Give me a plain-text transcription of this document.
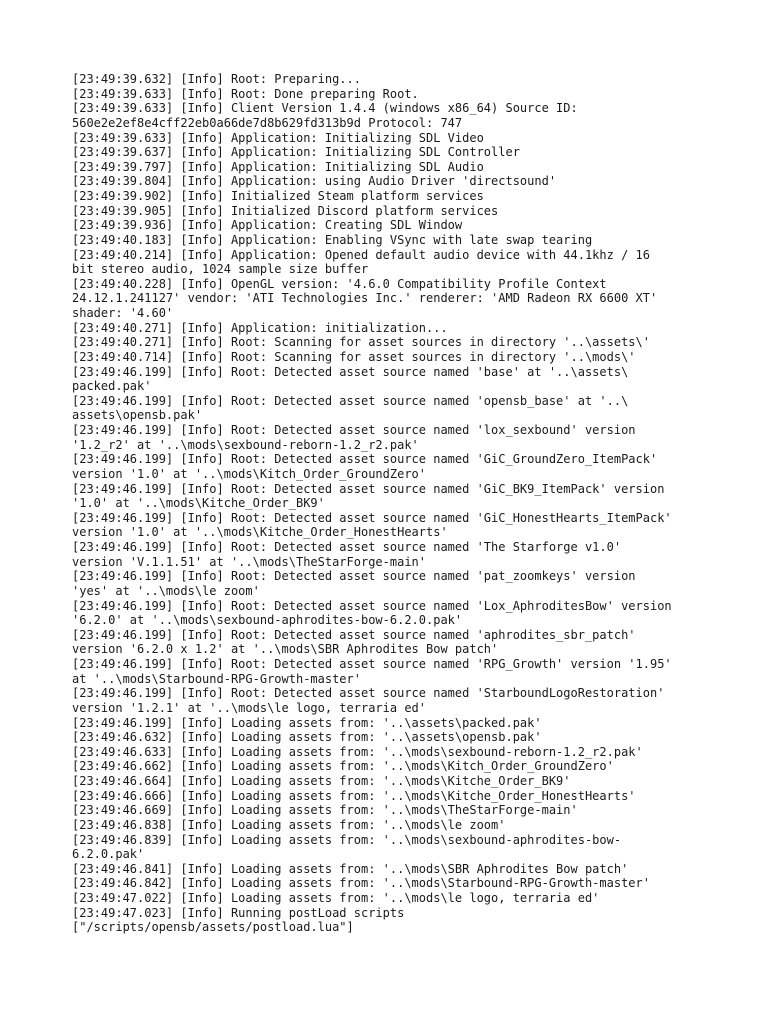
[23:49:39.632] [Info] Root: Preparing...
[23:49:39.633] [Info] Root: Done preparing Root.
[23:49:39.633] [Info] Client Version 1.4.4 (windows x86_64) Source ID:
560e2e2ef8e4cff22eb0a66de7d8b629fd313b9d Protocol: 747
[23:49:39.633] [Info] Application: Initializing SDL Video
[23:49:39.637] [Info] Application: Initializing SDL Controller
[23:49:39.797] [Info] Application: Initializing SDL Audio
[23:49:39.804] [Info] Application: using Audio Driver 'directsound'
[23:49:39.902] [Info] Initialized Steam platform services
[23:49:39.905] [Info] Initialized Discord platform services
[23:49:39.936] [Info] Application: Creating SDL Window
[23:49:40.183] [Info] Application: Enabling VSync with late swap tearing
[23:49:40.214] [Info] Application: Opened default audio device with 44.1khz / 16
bit stereo audio, 1024 sample size buffer
[23:49:40.228] [Info] OpenGL version: '4.6.0 Compatibility Profile Context
24.12.1.241127' vendor: 'ATI Technologies Inc.' renderer: 'AMD Radeon RX 6600 XT'
shader: '4.60'
[23:49:40.271] [Info] Application: initialization...
[23:49:40.271] [Info] Root: Scanning for asset sources in directory '..\assets\'
[23:49:40.714] [Info] Root: Scanning for asset sources in directory '..\mods\'
[23:49:46.199] [Info] Root: Detected asset source named 'base' at '..\assets\
packed.pak'
[23:49:46.199] [Info] Root: Detected asset source named 'opensb_base' at '..\
assets\opensb.pak'
[23:49:46.199] [Info] Root: Detected asset source named 'lox_sexbound' version
'1.2_r2' at '..\mods\sexbound-reborn-1.2_r2.pak'
[23:49:46.199] [Info] Root: Detected asset source named 'GiC_GroundZero_ItemPack'
version '1.0' at '..\mods\Kitch_Order_GroundZero'
[23:49:46.199] [Info] Root: Detected asset source named 'GiC_BK9_ItemPack' version
'1.0' at '..\mods\Kitche_Order_BK9'
[23:49:46.199] [Info] Root: Detected asset source named 'GiC_HonestHearts_ItemPack'
version '1.0' at '..\mods\Kitche_Order_HonestHearts'
[23:49:46.199] [Info] Root: Detected asset source named 'The Starforge v1.0'
version 'V.1.1.51' at '..\mods\TheStarForge-main'
[23:49:46.199] [Info] Root: Detected asset source named 'pat_zoomkeys' version
'yes' at '..\mods\le zoom'
[23:49:46.199] [Info] Root: Detected asset source named 'Lox_AphroditesBow' version
'6.2.0' at '..\mods\sexbound-aphrodites-bow-6.2.0.pak'
[23:49:46.199] [Info] Root: Detected asset source named 'aphrodites_sbr_patch'
version '6.2.0 x 1.2' at '..\mods\SBR Aphrodites Bow patch'
[23:49:46.199] [Info] Root: Detected asset source named 'RPG_Growth' version '1.95'
at '..\mods\Starbound-RPG-Growth-master'
[23:49:46.199] [Info] Root: Detected asset source named 'StarboundLogoRestoration'
version '1.2.1' at '..\mods\le logo, terraria ed'
[23:49:46.199] [Info] Loading assets from: '..\assets\packed.pak'
[23:49:46.632] [Info] Loading assets from: '..\assets\opensb.pak'
[23:49:46.633] [Info] Loading assets from: '..\mods\sexbound-reborn-1.2_r2.pak'
[23:49:46.662] [Info] Loading assets from: '..\mods\Kitch_Order_GroundZero'
[23:49:46.664] [Info] Loading assets from: '..\mods\Kitche_Order_BK9'
[23:49:46.666] [Info] Loading assets from: '..\mods\Kitche_Order_HonestHearts'
[23:49:46.669] [Info] Loading assets from: '..\mods\TheStarForge-main'
[23:49:46.838] [Info] Loading assets from: '..\mods\le zoom'
[23:49:46.839] [Info] Loading assets from: '..\mods\sexbound-aphrodites-bow-
6.2.0.pak'
[23:49:46.841] [Info] Loading assets from: '..\mods\SBR Aphrodites Bow patch'
[23:49:46.842] [Info] Loading assets from: '..\mods\Starbound-RPG-Growth-master'
[23:49:47.022] [Info] Loading assets from: '..\mods\le logo, terraria ed'
[23:49:47.023] [Info] Running postLoad scripts
["/scripts/opensb/assets/postload.lua"]
